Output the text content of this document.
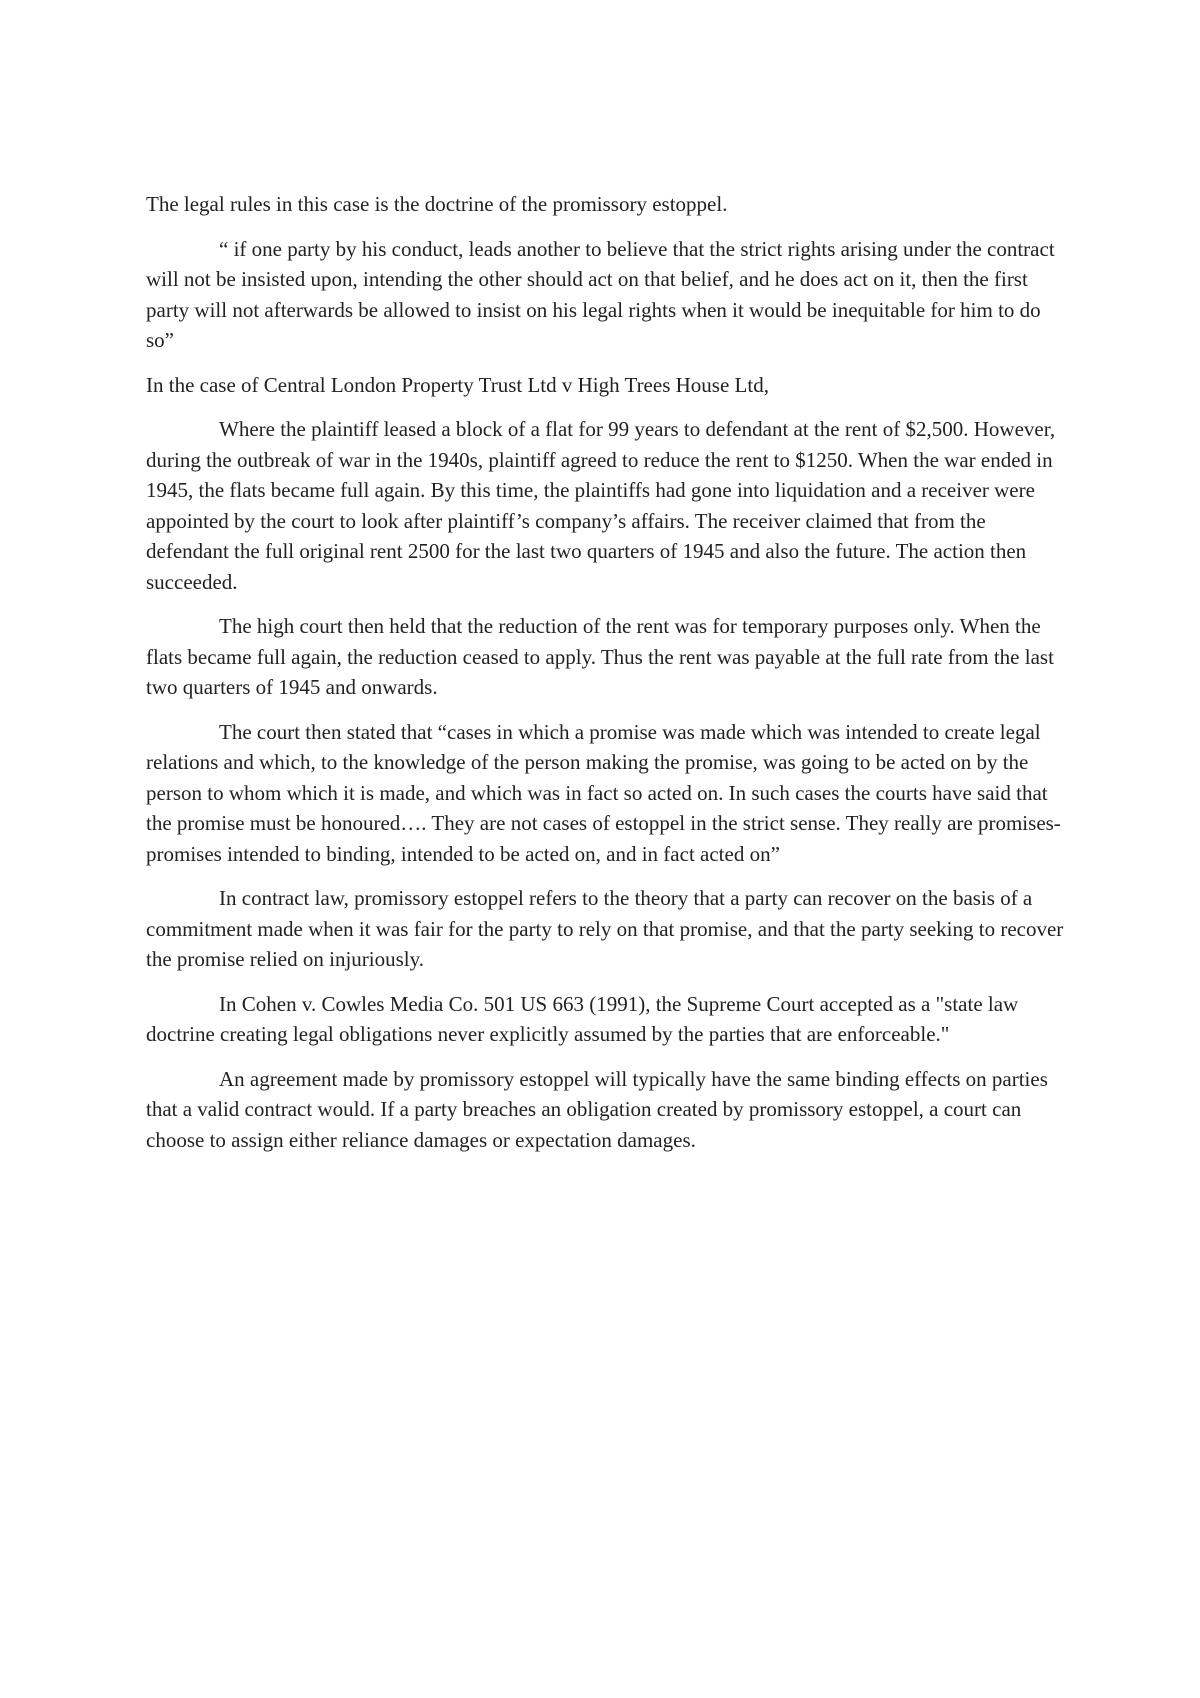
The legal rules in this case is the doctrine of the promissory estoppel.

“ if one party by his conduct, leads another to believe that the strict rights arising under the contract will not be insisted upon, intending the other should act on that belief, and he does act on it, then the first party will not afterwards be allowed to insist on his legal rights when it would be inequitable for him to do so”

In the case of Central London Property Trust Ltd v High Trees House Ltd,

Where the plaintiff leased a block of a flat for 99 years to defendant at the rent of $2,500. However, during the outbreak of war in the 1940s, plaintiff agreed to reduce the rent to $1250. When the war ended in 1945, the flats became full again. By this time, the plaintiffs had gone into liquidation and a receiver were appointed by the court to look after plaintiff’s company’s affairs. The receiver claimed that from the defendant the full original rent 2500 for the last two quarters of 1945 and also the future. The action then succeeded.

The high court then held that the reduction of the rent was for temporary purposes only. When the flats became full again, the reduction ceased to apply. Thus the rent was payable at the full rate from the last two quarters of 1945 and onwards.

The court then stated that “cases in which a promise was made which was intended to create legal relations and which, to the knowledge of the person making the promise, was going to be acted on by the person to whom which it is made, and which was in fact so acted on. In such cases the courts have said that the promise must be honoured…. They are not cases of estoppel in the strict sense. They really are promises- promises intended to binding, intended to be acted on, and in fact acted on”

In contract law, promissory estoppel refers to the theory that a party can recover on the basis of a commitment made when it was fair for the party to rely on that promise, and that the party seeking to recover the promise relied on injuriously.

In Cohen v. Cowles Media Co. 501 US 663 (1991), the Supreme Court accepted as a "state law doctrine creating legal obligations never explicitly assumed by the parties that are enforceable."

An agreement made by promissory estoppel will typically have the same binding effects on parties that a valid contract would. If a party breaches an obligation created by promissory estoppel, a court can choose to assign either reliance damages or expectation damages.
